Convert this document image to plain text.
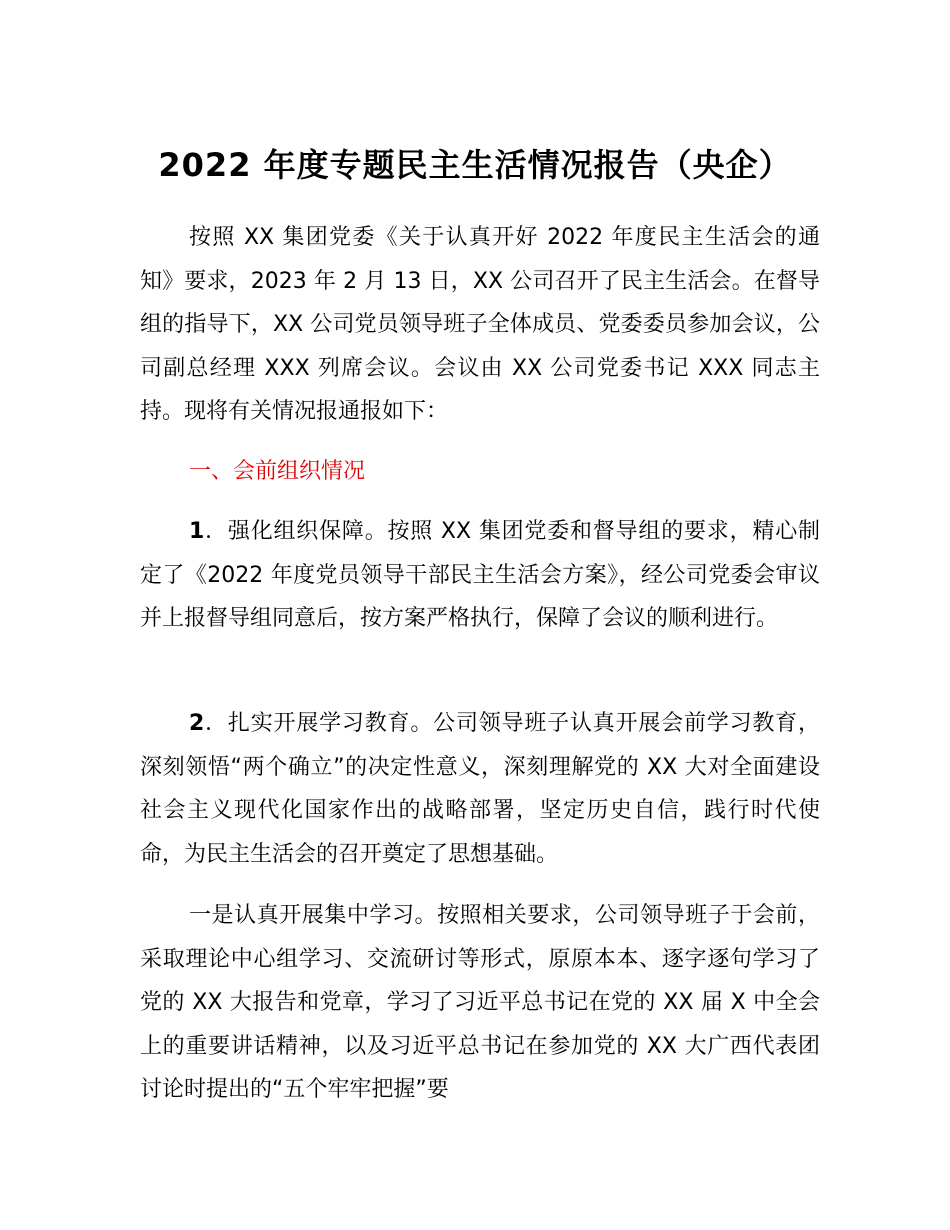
2022 年度专题民主生活情况报告（央企）
按照 XX 集团党委《关于认真开好 2022 年度民主生活会的通知》要求，2023 年 2 月 13 日，XX 公司召开了民主生活会。在督导组的指导下，XX 公司党员领导班子全体成员、党委委员参加会议，公司副总经理 XXX 列席会议。会议由 XX 公司党委书记 XXX 同志主持。现将有关情况报通报如下：
一、会前组织情况
1．强化组织保障。按照 XX 集团党委和督导组的要求，精心制定了《2022 年度党员领导干部民主生活会方案》，经公司党委会审议并上报督导组同意后，按方案严格执行，保障了会议的顺利进行。
2．扎实开展学习教育。公司领导班子认真开展会前学习教育，深刻领悟“两个确立”的决定性意义，深刻理解党的 XX 大对全面建设社会主义现代化国家作出的战略部署，坚定历史自信，践行时代使命，为民主生活会的召开奠定了思想基础。
一是认真开展集中学习。按照相关要求，公司领导班子于会前，采取理论中心组学习、交流研讨等形式，原原本本、逐字逐句学习了党的 XX 大报告和党章，学习了习近平总书记在党的 XX 届 X 中全会上的重要讲话精神，以及习近平总书记在参加党的 XX 大广西代表团讨论时提出的“五个牢牢把握”要
